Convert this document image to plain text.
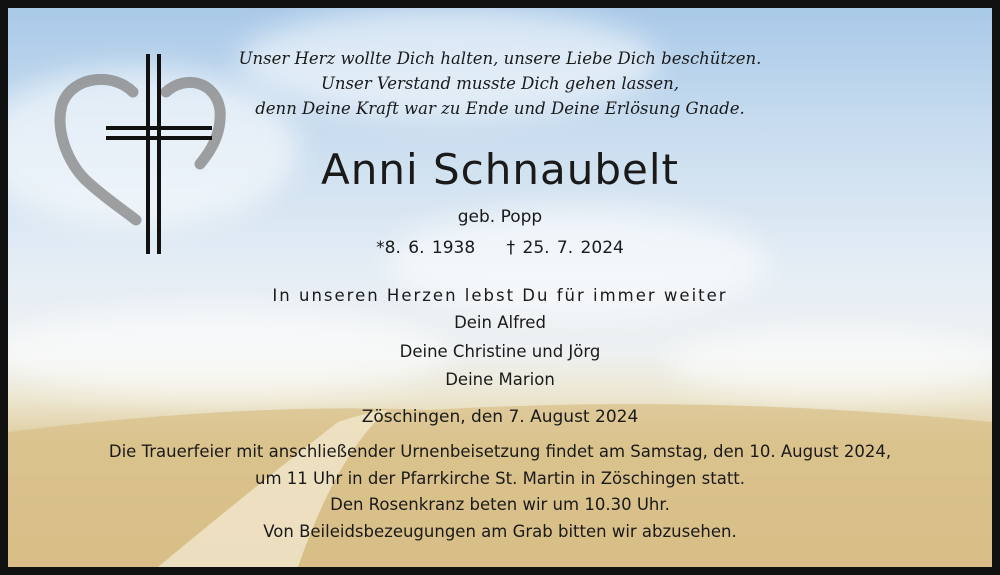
Unser Herz wollte Dich halten, unsere Liebe Dich beschützen.
Unser Verstand musste Dich gehen lassen,
denn Deine Kraft war zu Ende und Deine Erlösung Gnade.
Anni Schnaubelt
geb. Popp
*8. 6. 1938 † 25. 7. 2024
In unseren Herzen lebst Du für immer weiter
Dein Alfred
Deine Christine und Jörg
Deine Marion
Zöschingen, den 7. August 2024
Die Trauerfeier mit anschließender Urnenbeisetzung findet am Samstag, den 10. August 2024,
um 11 Uhr in der Pfarrkirche St. Martin in Zöschingen statt.
Den Rosenkranz beten wir um 10.30 Uhr.
Von Beileidsbezeugungen am Grab bitten wir abzusehen.
